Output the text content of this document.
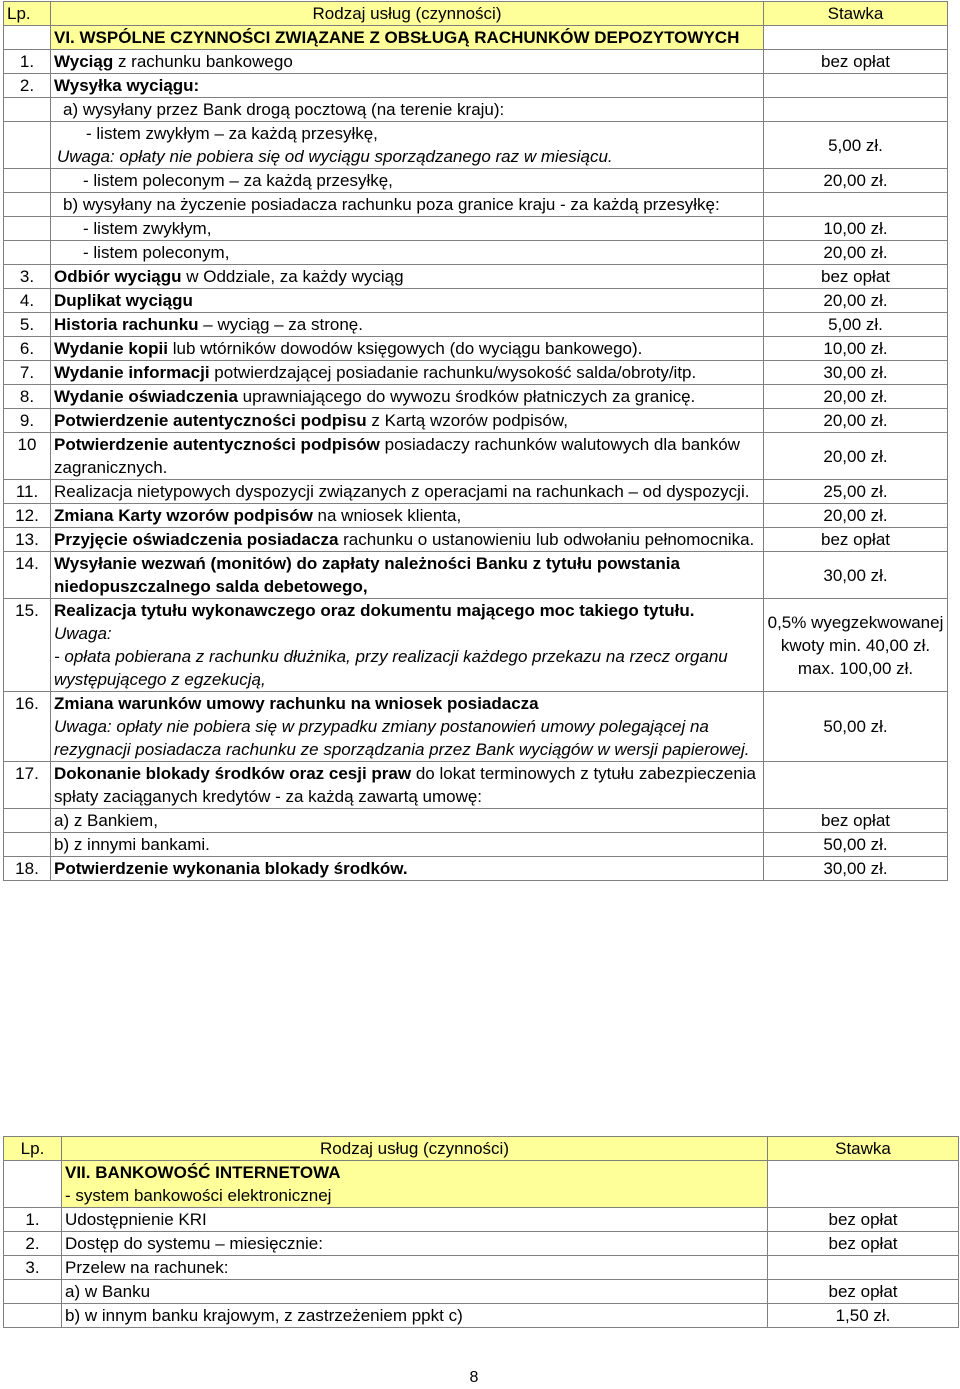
Lp.	Rodzaj usług (czynności)	Stawka
	VI. WSPÓLNE CZYNNOŚCI ZWIĄZANE Z OBSŁUGĄ RACHUNKÓW DEPOZYTOWYCH	
1.	Wyciąg z rachunku bankowego	bez opłat
2.	Wysyłka wyciągu:	
	a) wysyłany przez Bank drogą pocztową (na terenie kraju):	

	- listem zwykłym – za każdą przesyłkę,
Uwaga: opłaty nie pobiera się od wyciągu sporządzanego raz w miesiącu.	5,00 zł.
	- listem poleconym – za każdą przesyłkę,	20,00 zł.
	b) wysyłany na życzenie posiadacza rachunku poza granice kraju - za każdą przesyłkę:	
	- listem zwykłym,	10,00 zł.
	- listem poleconym,	20,00 zł.
3.	Odbiór wyciągu w Oddziale, za każdy wyciąg	bez opłat
4.	Duplikat wyciągu	20,00 zł.
5.	Historia rachunku – wyciąg – za stronę.	5,00 zł.
6.	Wydanie kopii lub wtórników dowodów księgowych (do wyciągu bankowego).	10,00 zł.
7.	Wydanie informacji potwierdzającej posiadanie rachunku/wysokość salda/obroty/itp.	30,00 zł.
8.	Wydanie oświadczenia uprawniającego do wywozu środków płatniczych za granicę.	20,00 zł.
9.	Potwierdzenie autentyczności podpisu z Kartą wzorów podpisów,	20,00 zł.
10	Potwierdzenie autentyczności podpisów posiadaczy rachunków walutowych dla banków zagranicznych.	20,00 zł.
11.	Realizacja nietypowych dyspozycji związanych z operacjami na rachunkach – od dyspozycji.	25,00 zł.
12.	Zmiana Karty wzorów podpisów na wniosek klienta,	20,00 zł.
13.	Przyjęcie oświadczenia posiadacza rachunku o ustanowieniu lub odwołaniu pełnomocnika.	bez opłat
14.	Wysyłanie wezwań (monitów) do zapłaty należności Banku z tytułu powstania niedopuszczalnego salda debetowego,	30,00 zł.
15.	Realizacja tytułu wykonawczego oraz dokumentu mającego moc takiego tytułu.
Uwaga:
- opłata pobierana z rachunku dłużnika, przy realizacji każdego przekazu na rzecz organu występującego z egzekucją,	0,5% wyegzekwowanej kwoty min. 40,00 zł. max. 100,00 zł.
16.	Zmiana warunków umowy rachunku na wniosek posiadacza
Uwaga: opłaty nie pobiera się w przypadku zmiany postanowień umowy polegającej na rezygnacji posiadacza rachunku ze sporządzania przez Bank wyciągów w wersji papierowej.	50,00 zł.
17.	Dokonanie blokady środków oraz cesji praw do lokat terminowych z tytułu zabezpieczenia spłaty zaciąganych kredytów - za każdą zawartą umowę:	
	a) z Bankiem,	bez opłat
	b) z innymi bankami.	50,00 zł.
18.	Potwierdzenie wykonania blokady środków.	30,00 zł.
Lp.	Rodzaj usług (czynności)	Stawka

	VII. BANKOWOŚĆ INTERNETOWA
- system bankowości elektronicznej	

1.	Udostępnienie KRI	bez opłat
2.	Dostęp do systemu – miesięcznie:	bez opłat
3.	Przelew na rachunek:	
	a) w Banku	bez opłat
	b) w innym banku krajowym, z zastrzeżeniem ppkt c)	1,50 zł.
8
